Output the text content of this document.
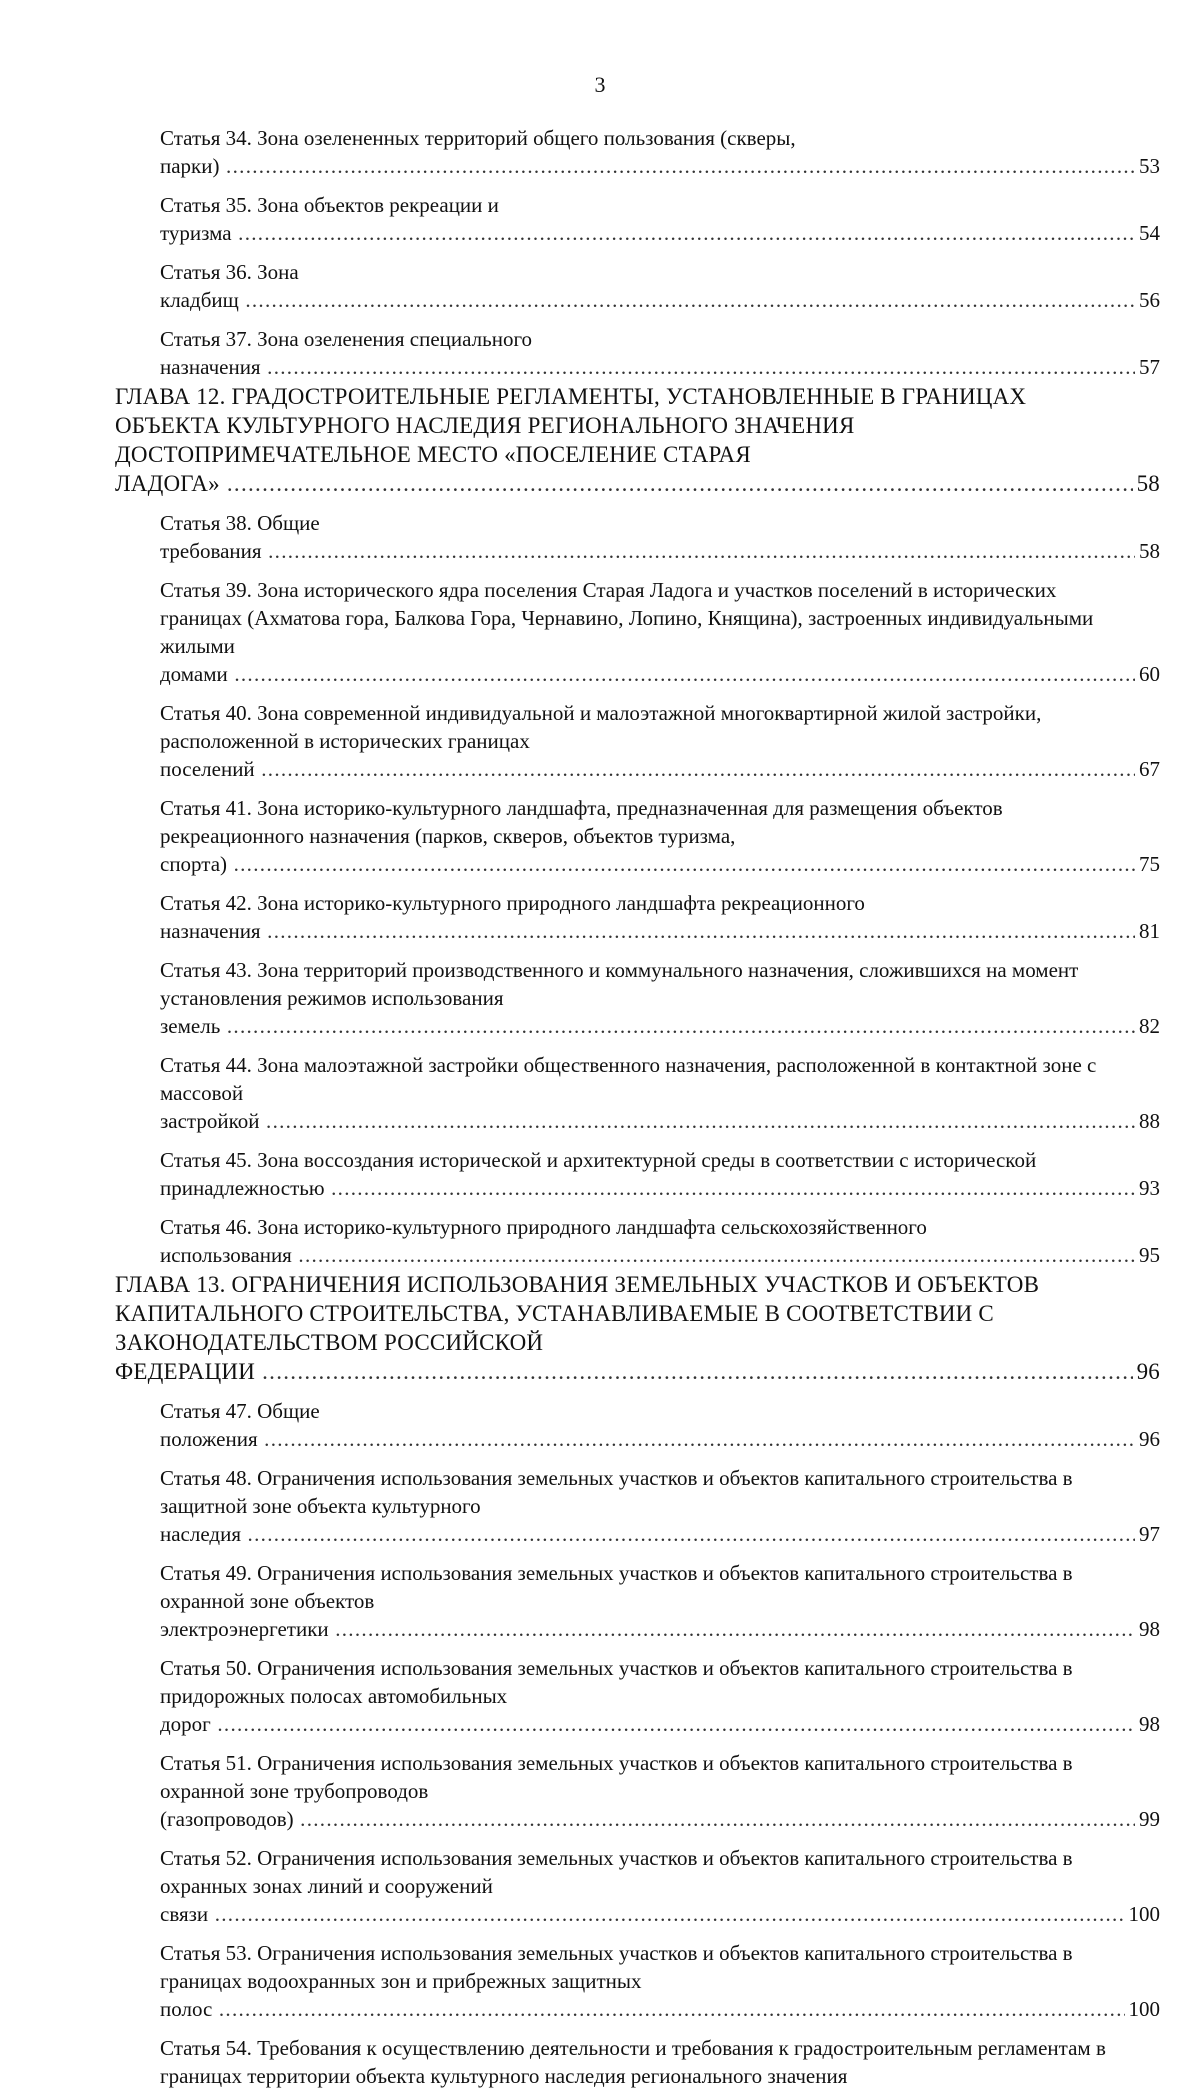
3
Статья 34. Зона озелененных территорий общего пользования (скверы, парки) .....	53
Статья 35. Зона объектов рекреации и туризма .....	54
Статья 36. Зона кладбищ .....	56
Статья 37. Зона озеленения специального назначения .....	57
ГЛАВА 12. ГРАДОСТРОИТЕЛЬНЫЕ РЕГЛАМЕНТЫ, УСТАНОВЛЕННЫЕ В ГРАНИЦАХ ОБЪЕКТА КУЛЬТУРНОГО НАСЛЕДИЯ РЕГИОНАЛЬНОГО ЗНАЧЕНИЯ ДОСТОПРИМЕЧАТЕЛЬНОЕ МЕСТО «ПОСЕЛЕНИЕ СТАРАЯ ЛАДОГА» .....	58
Статья 38. Общие требования .....	58
Статья 39. Зона исторического ядра поселения Старая Ладога и участков поселений в исторических границах (Ахматова гора, Балкова Гора, Чернавино, Лопино, Княщина), застроенных индивидуальными жилыми домами .....	60
Статья 40. Зона современной индивидуальной и малоэтажной многоквартирной жилой застройки, расположенной в исторических границах поселений .....	67
Статья 41. Зона историко-культурного ландшафта, предназначенная для размещения объектов рекреационного назначения (парков, скверов, объектов туризма, спорта) .....	75
Статья 42. Зона историко-культурного природного ландшафта рекреационного назначения .....	81
Статья 43. Зона территорий производственного и коммунального назначения, сложившихся на момент установления режимов использования земель .....	82
Статья 44. Зона малоэтажной застройки общественного назначения, расположенной в контактной зоне с массовой застройкой .....	88
Статья 45. Зона воссоздания исторической и архитектурной среды в соответствии с исторической принадлежностью .....	93
Статья 46. Зона историко-культурного природного ландшафта сельскохозяйственного использования .....	95
ГЛАВА 13. ОГРАНИЧЕНИЯ ИСПОЛЬЗОВАНИЯ ЗЕМЕЛЬНЫХ УЧАСТКОВ И ОБЪЕКТОВ КАПИТАЛЬНОГО СТРОИТЕЛЬСТВА, УСТАНАВЛИВАЕМЫЕ В СООТВЕТСТВИИ С ЗАКОНОДАТЕЛЬСТВОМ РОССИЙСКОЙ ФЕДЕРАЦИИ .....	96
Статья 47. Общие положения .....	96
Статья 48. Ограничения использования земельных участков и объектов капитального строительства в защитной зоне объекта культурного наследия .....	97
Статья 49. Ограничения использования земельных участков и объектов капитального строительства в охранной зоне объектов электроэнергетики .....	98
Статья 50. Ограничения использования земельных участков и объектов капитального строительства в придорожных полосах автомобильных дорог .....	98
Статья 51. Ограничения использования земельных участков и объектов капитального строительства в охранной зоне трубопроводов (газопроводов) .....	99
Статья 52. Ограничения использования земельных участков и объектов капитального строительства в охранных зонах линий и сооружений связи .....	100
Статья 53. Ограничения использования земельных участков и объектов капитального строительства в границах водоохранных зон и прибрежных защитных полос .....	100
Статья 54. Требования к осуществлению деятельности и требования к градостроительным регламентам в границах территории объекта культурного наследия регионального значения
